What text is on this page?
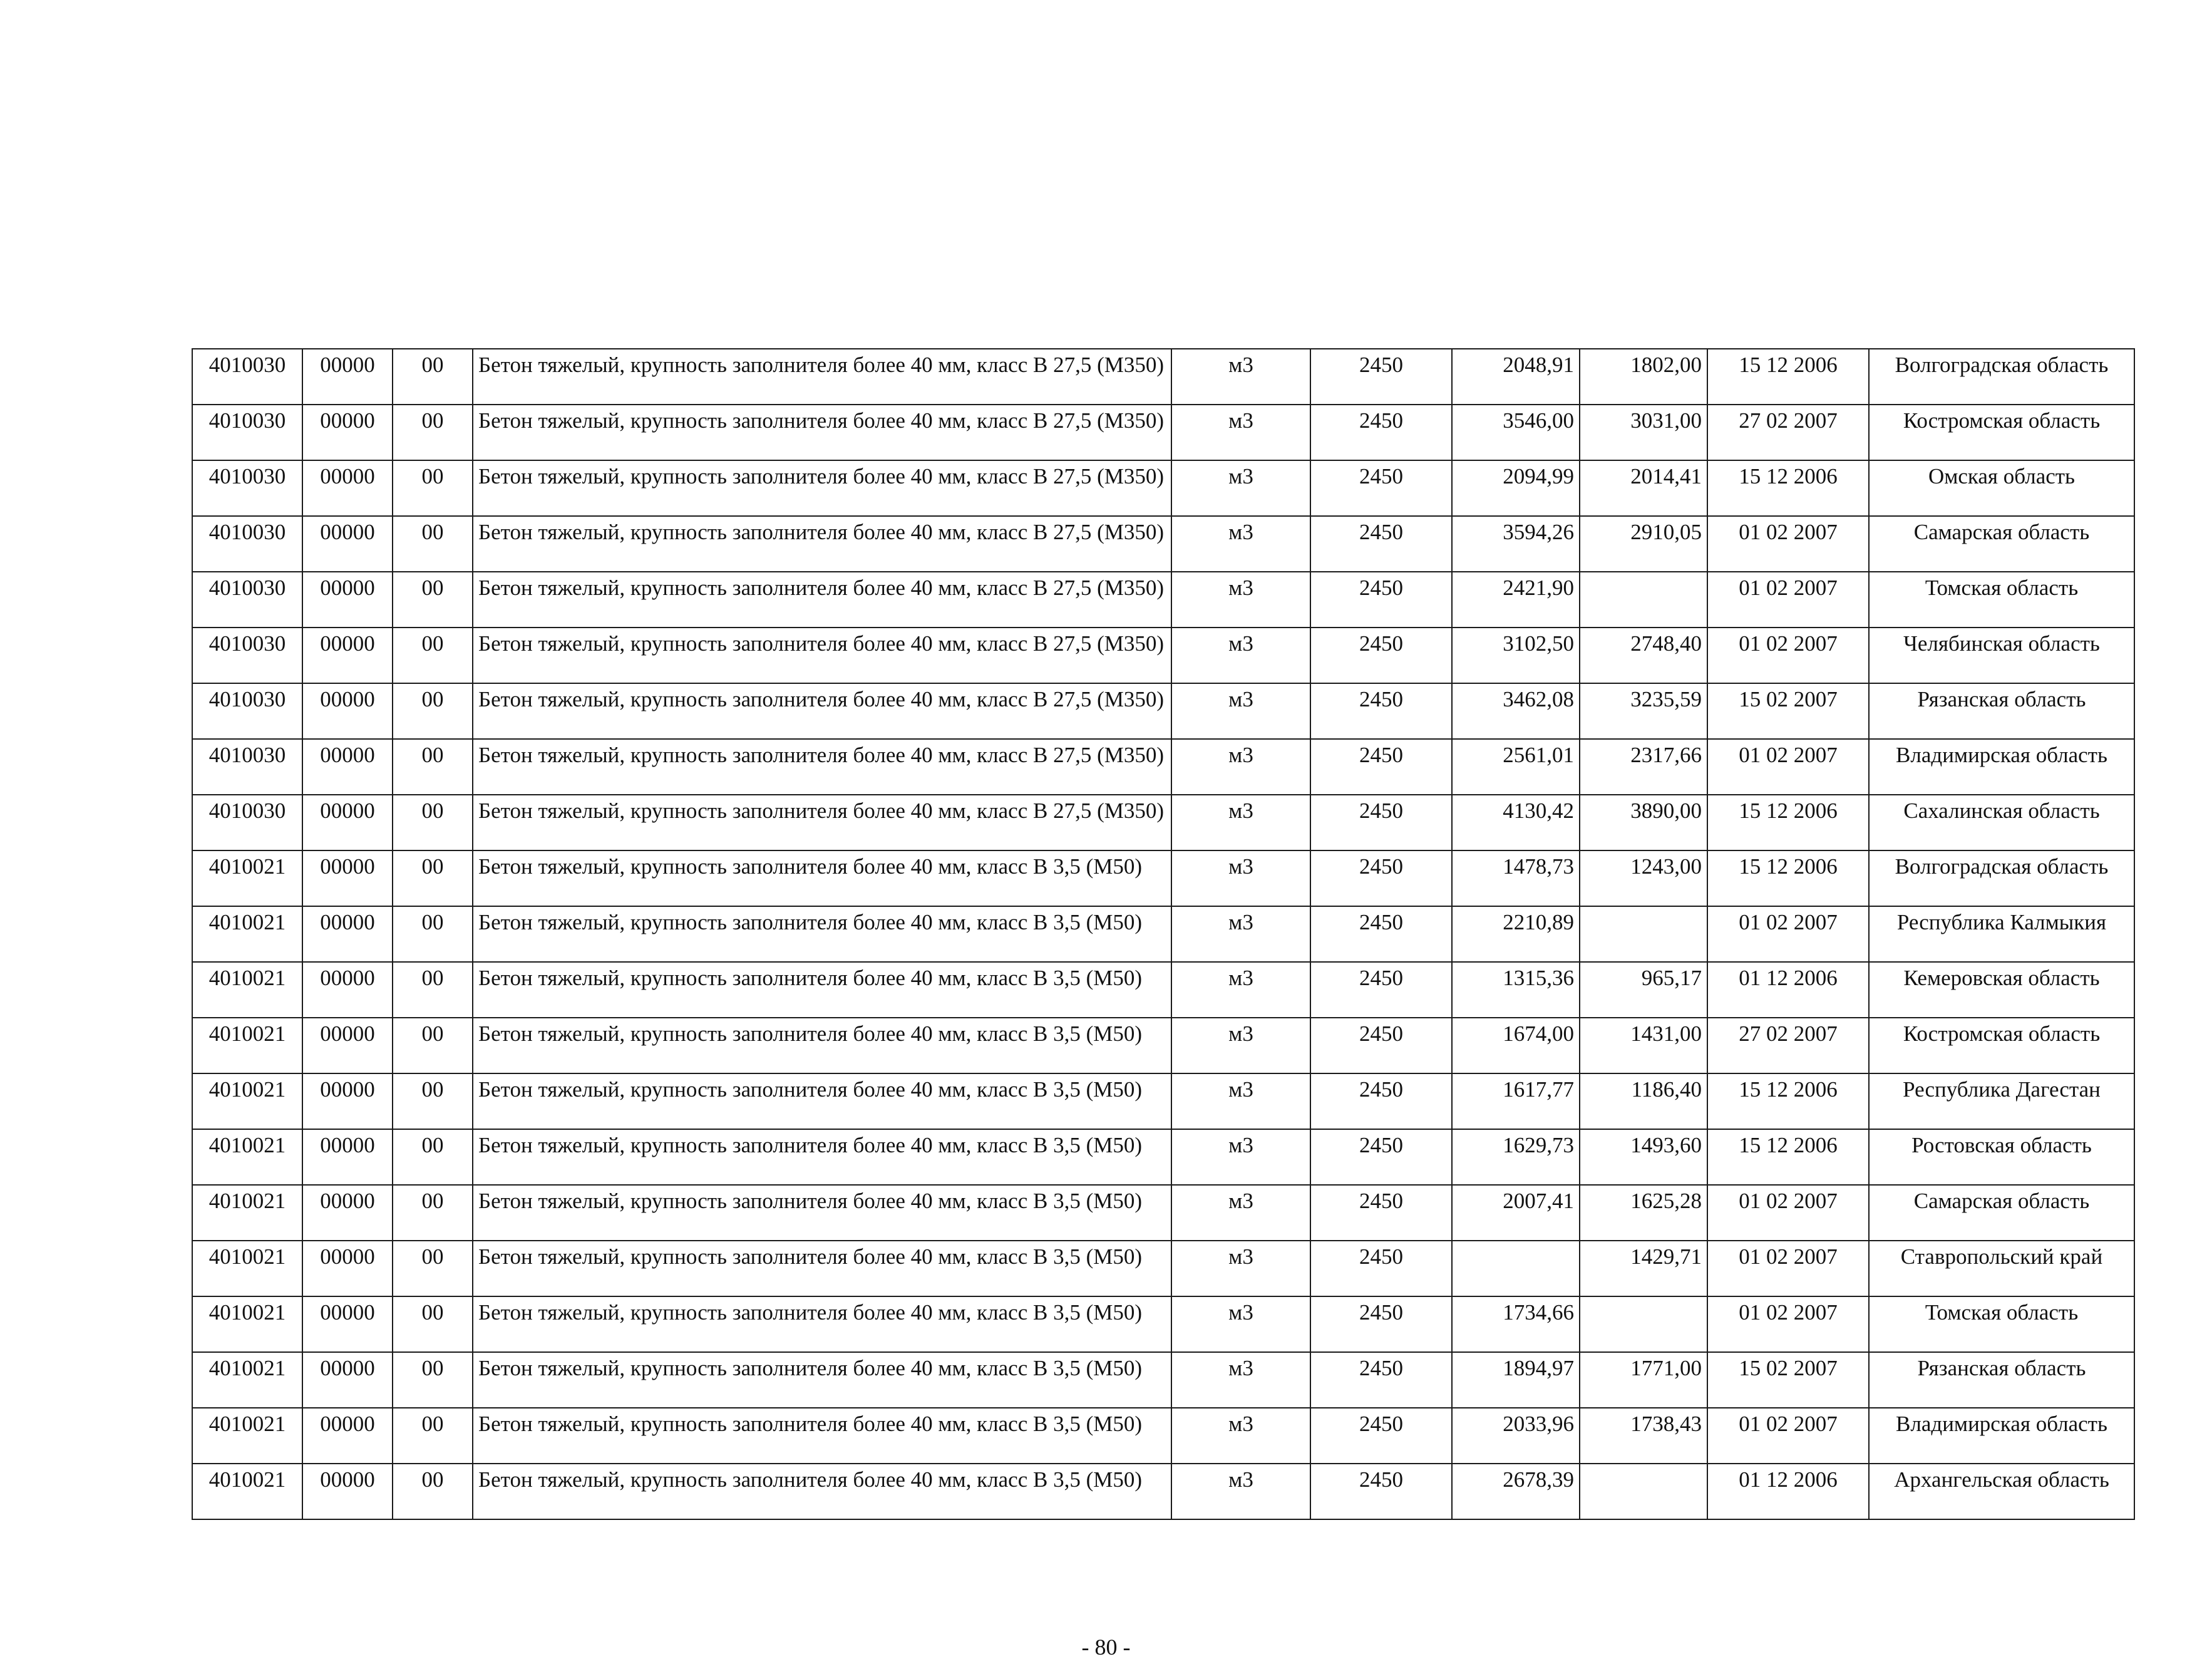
4010030	00000	00	Бетон тяжелый, крупность заполнителя более 40 мм, класс В 27,5 (М350)	м3	2450	2048,91	1802,00	15 12 2006	Волгоградская область
4010030	00000	00	Бетон тяжелый, крупность заполнителя более 40 мм, класс В 27,5 (М350)	м3	2450	3546,00	3031,00	27 02 2007	Костромская область
4010030	00000	00	Бетон тяжелый, крупность заполнителя более 40 мм, класс В 27,5 (М350)	м3	2450	2094,99	2014,41	15 12 2006	Омская область
4010030	00000	00	Бетон тяжелый, крупность заполнителя более 40 мм, класс В 27,5 (М350)	м3	2450	3594,26	2910,05	01 02 2007	Самарская область
4010030	00000	00	Бетон тяжелый, крупность заполнителя более 40 мм, класс В 27,5 (М350)	м3	2450	2421,90		01 02 2007	Томская область
4010030	00000	00	Бетон тяжелый, крупность заполнителя более 40 мм, класс В 27,5 (М350)	м3	2450	3102,50	2748,40	01 02 2007	Челябинская область
4010030	00000	00	Бетон тяжелый, крупность заполнителя более 40 мм, класс В 27,5 (М350)	м3	2450	3462,08	3235,59	15 02 2007	Рязанская область
4010030	00000	00	Бетон тяжелый, крупность заполнителя более 40 мм, класс В 27,5 (М350)	м3	2450	2561,01	2317,66	01 02 2007	Владимирская область
4010030	00000	00	Бетон тяжелый, крупность заполнителя более 40 мм, класс В 27,5 (М350)	м3	2450	4130,42	3890,00	15 12 2006	Сахалинская область
4010021	00000	00	Бетон тяжелый, крупность заполнителя более 40 мм, класс В 3,5 (М50)	м3	2450	1478,73	1243,00	15 12 2006	Волгоградская область
4010021	00000	00	Бетон тяжелый, крупность заполнителя более 40 мм, класс В 3,5 (М50)	м3	2450	2210,89		01 02 2007	Республика Калмыкия
4010021	00000	00	Бетон тяжелый, крупность заполнителя более 40 мм, класс В 3,5 (М50)	м3	2450	1315,36	965,17	01 12 2006	Кемеровская область
4010021	00000	00	Бетон тяжелый, крупность заполнителя более 40 мм, класс В 3,5 (М50)	м3	2450	1674,00	1431,00	27 02 2007	Костромская область
4010021	00000	00	Бетон тяжелый, крупность заполнителя более 40 мм, класс В 3,5 (М50)	м3	2450	1617,77	1186,40	15 12 2006	Республика Дагестан
4010021	00000	00	Бетон тяжелый, крупность заполнителя более 40 мм, класс В 3,5 (М50)	м3	2450	1629,73	1493,60	15 12 2006	Ростовская область
4010021	00000	00	Бетон тяжелый, крупность заполнителя более 40 мм, класс В 3,5 (М50)	м3	2450	2007,41	1625,28	01 02 2007	Самарская область
4010021	00000	00	Бетон тяжелый, крупность заполнителя более 40 мм, класс В 3,5 (М50)	м3	2450		1429,71	01 02 2007	Ставропольский край
4010021	00000	00	Бетон тяжелый, крупность заполнителя более 40 мм, класс В 3,5 (М50)	м3	2450	1734,66		01 02 2007	Томская область
4010021	00000	00	Бетон тяжелый, крупность заполнителя более 40 мм, класс В 3,5 (М50)	м3	2450	1894,97	1771,00	15 02 2007	Рязанская область
4010021	00000	00	Бетон тяжелый, крупность заполнителя более 40 мм, класс В 3,5 (М50)	м3	2450	2033,96	1738,43	01 02 2007	Владимирская область
4010021	00000	00	Бетон тяжелый, крупность заполнителя более 40 мм, класс В 3,5 (М50)	м3	2450	2678,39		01 12 2006	Архангельская область
- 80 -
